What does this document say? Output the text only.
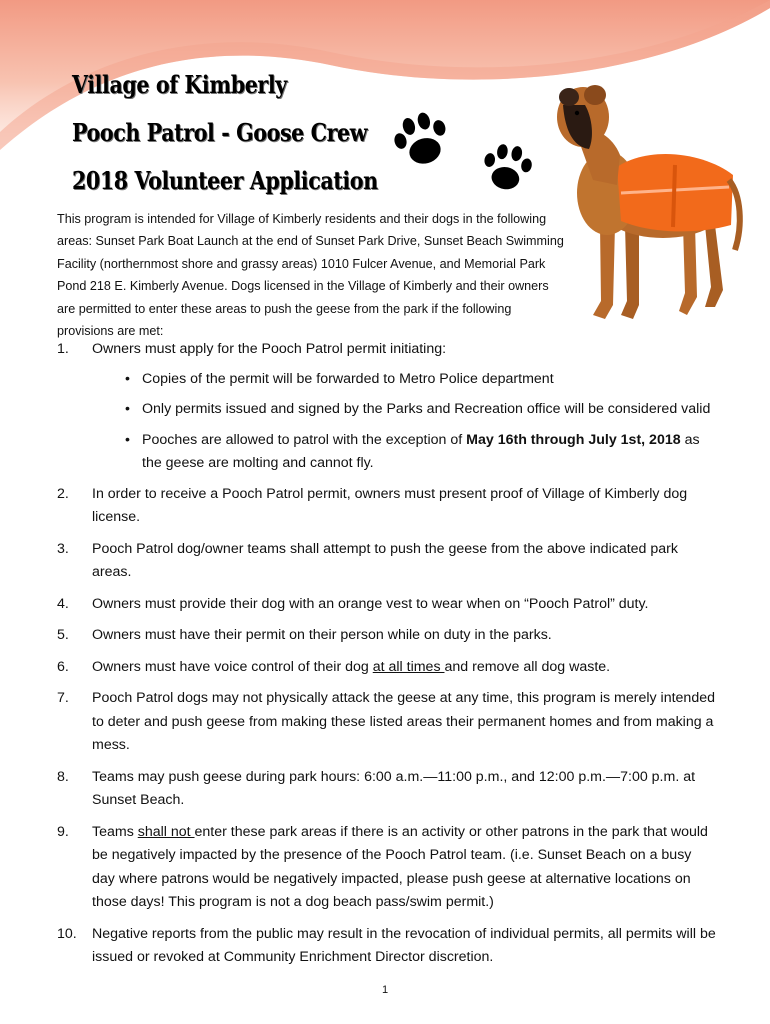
Village of Kimberly
Pooch Patrol - Goose Crew
2018 Volunteer Application

This program is intended for Village of Kimberly residents and their dogs in the following areas: Sunset Park Boat Launch at the end of Sunset Park Drive, Sunset Beach Swimming Facility (northernmost shore and grassy areas) 1010 Fulcer Avenue, and Memorial Park Pond 218 E. Kimberly Avenue. Dogs licensed in the Village of Kimberly and their owners are permitted to enter these areas to push the geese from the park if the following provisions are met:

1. Owners must apply for the Pooch Patrol permit initiating:
• Copies of the permit will be forwarded to Metro Police department
• Only permits issued and signed by the Parks and Recreation office will be considered valid
• Pooches are allowed to patrol with the exception of May 16th through July 1st, 2018 as the geese are molting and cannot fly.
2. In order to receive a Pooch Patrol permit, owners must present proof of Village of Kimberly dog license.
3. Pooch Patrol dog/owner teams shall attempt to push the geese from the above indicated park areas.
4. Owners must provide their dog with an orange vest to wear when on “Pooch Patrol” duty.
5. Owners must have their permit on their person while on duty in the parks.
6. Owners must have voice control of their dog at all times and remove all dog waste.
7. Pooch Patrol dogs may not physically attack the geese at any time, this program is merely intended to deter and push geese from making these listed areas their permanent homes and from making a mess.
8. Teams may push geese during park hours: 6:00 a.m.—11:00 p.m., and 12:00 p.m.—7:00 p.m. at Sunset Beach.
9. Teams shall not enter these park areas if there is an activity or other patrons in the park that would be negatively impacted by the presence of the Pooch Patrol team. (i.e. Sunset Beach on a busy day where patrons would be negatively impacted, please push geese at alternative locations on those days! This program is not a dog beach pass/swim permit.)
10. Negative reports from the public may result in the revocation of individual permits, all permits will be issued or revoked at Community Enrichment Director discretion.
1
